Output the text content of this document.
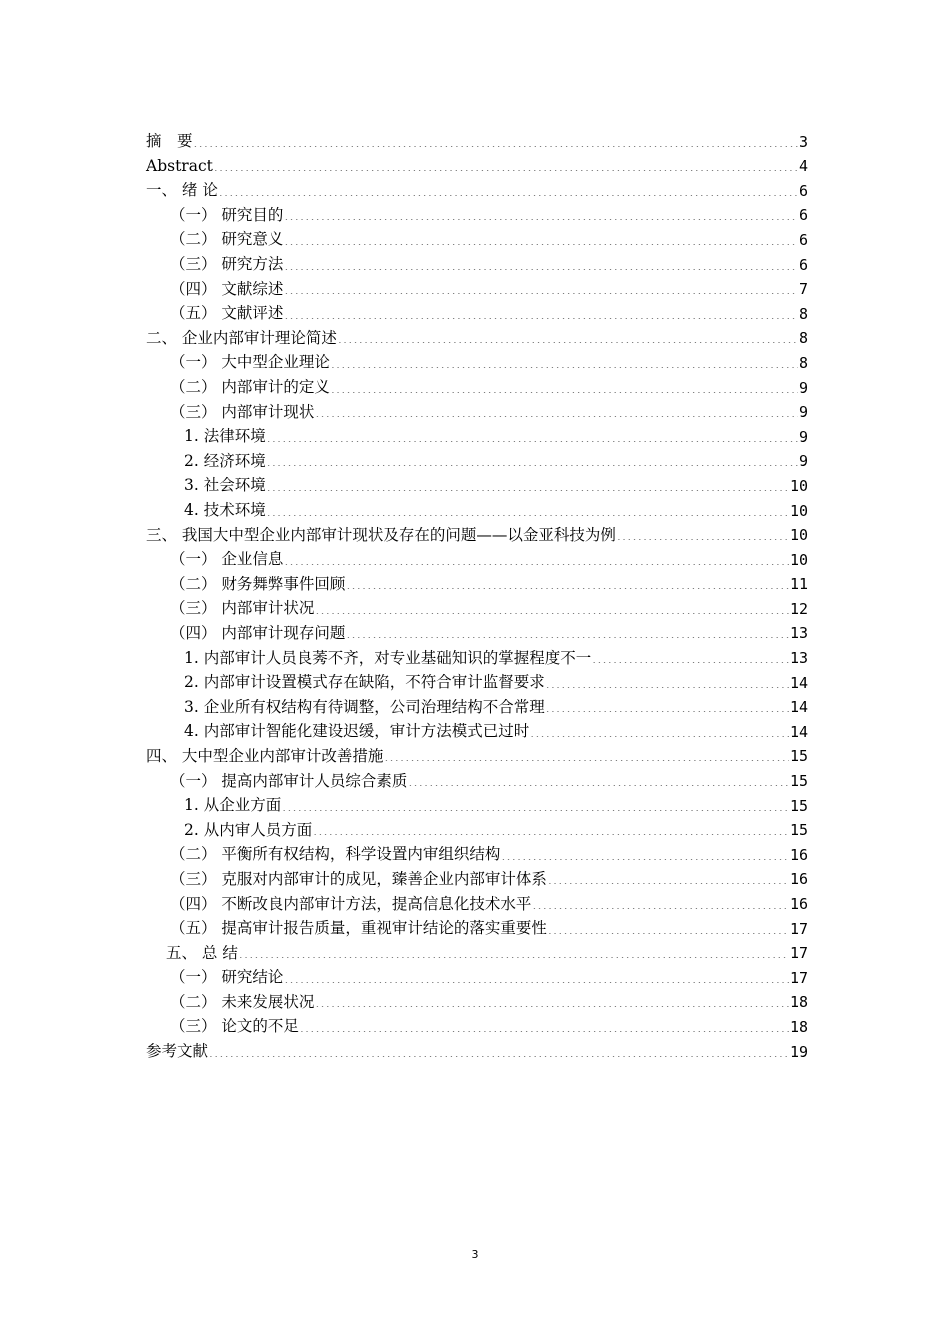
摘　要 . . .	3
Abstract . . .	4
一、 绪 论 . . .	6
（一） 研究目的 . . .	6
（二） 研究意义 . . .	6
（三） 研究方法 . . .	6
（四） 文献综述 . . .	7
（五） 文献评述 . . .	8
二、 企业内部审计理论简述 . . .	8
（一） 大中型企业理论 . . .	8
（二） 内部审计的定义 . . .	9
（三） 内部审计现状 . . .	9
1. 法律环境 . . .	9
2. 经济环境 . . .	9
3. 社会环境 . . .	10
4. 技术环境 . . .	10
三、 我国大中型企业内部审计现状及存在的问题——以金亚科技为例 . . .	10
（一） 企业信息 . . .	10
（二） 财务舞弊事件回顾 . . .	11
（三） 内部审计状况 . . .	12
（四） 内部审计现存问题 . . .	13
1. 内部审计人员良莠不齐，对专业基础知识的掌握程度不一 . . .	13
2. 内部审计设置模式存在缺陷，不符合审计监督要求 . . .	14
3. 企业所有权结构有待调整，公司治理结构不合常理 . . .	14
4. 内部审计智能化建设迟缓，审计方法模式已过时 . . .	14
四、 大中型企业内部审计改善措施 . . .	15
（一） 提高内部审计人员综合素质 . . .	15
1. 从企业方面 . . .	15
2. 从内审人员方面 . . .	15
（二） 平衡所有权结构，科学设置内审组织结构 . . .	16
（三） 克服对内部审计的成见，臻善企业内部审计体系 . . .	16
（四） 不断改良内部审计方法，提高信息化技术水平 . . .	16
（五） 提高审计报告质量，重视审计结论的落实重要性 . . .	17
五、 总 结 . . .	17
（一） 研究结论 . . .	17
（二） 未来发展状况 . . .	18
（三） 论文的不足 . . .	18
参考文献 . . .	19
3
